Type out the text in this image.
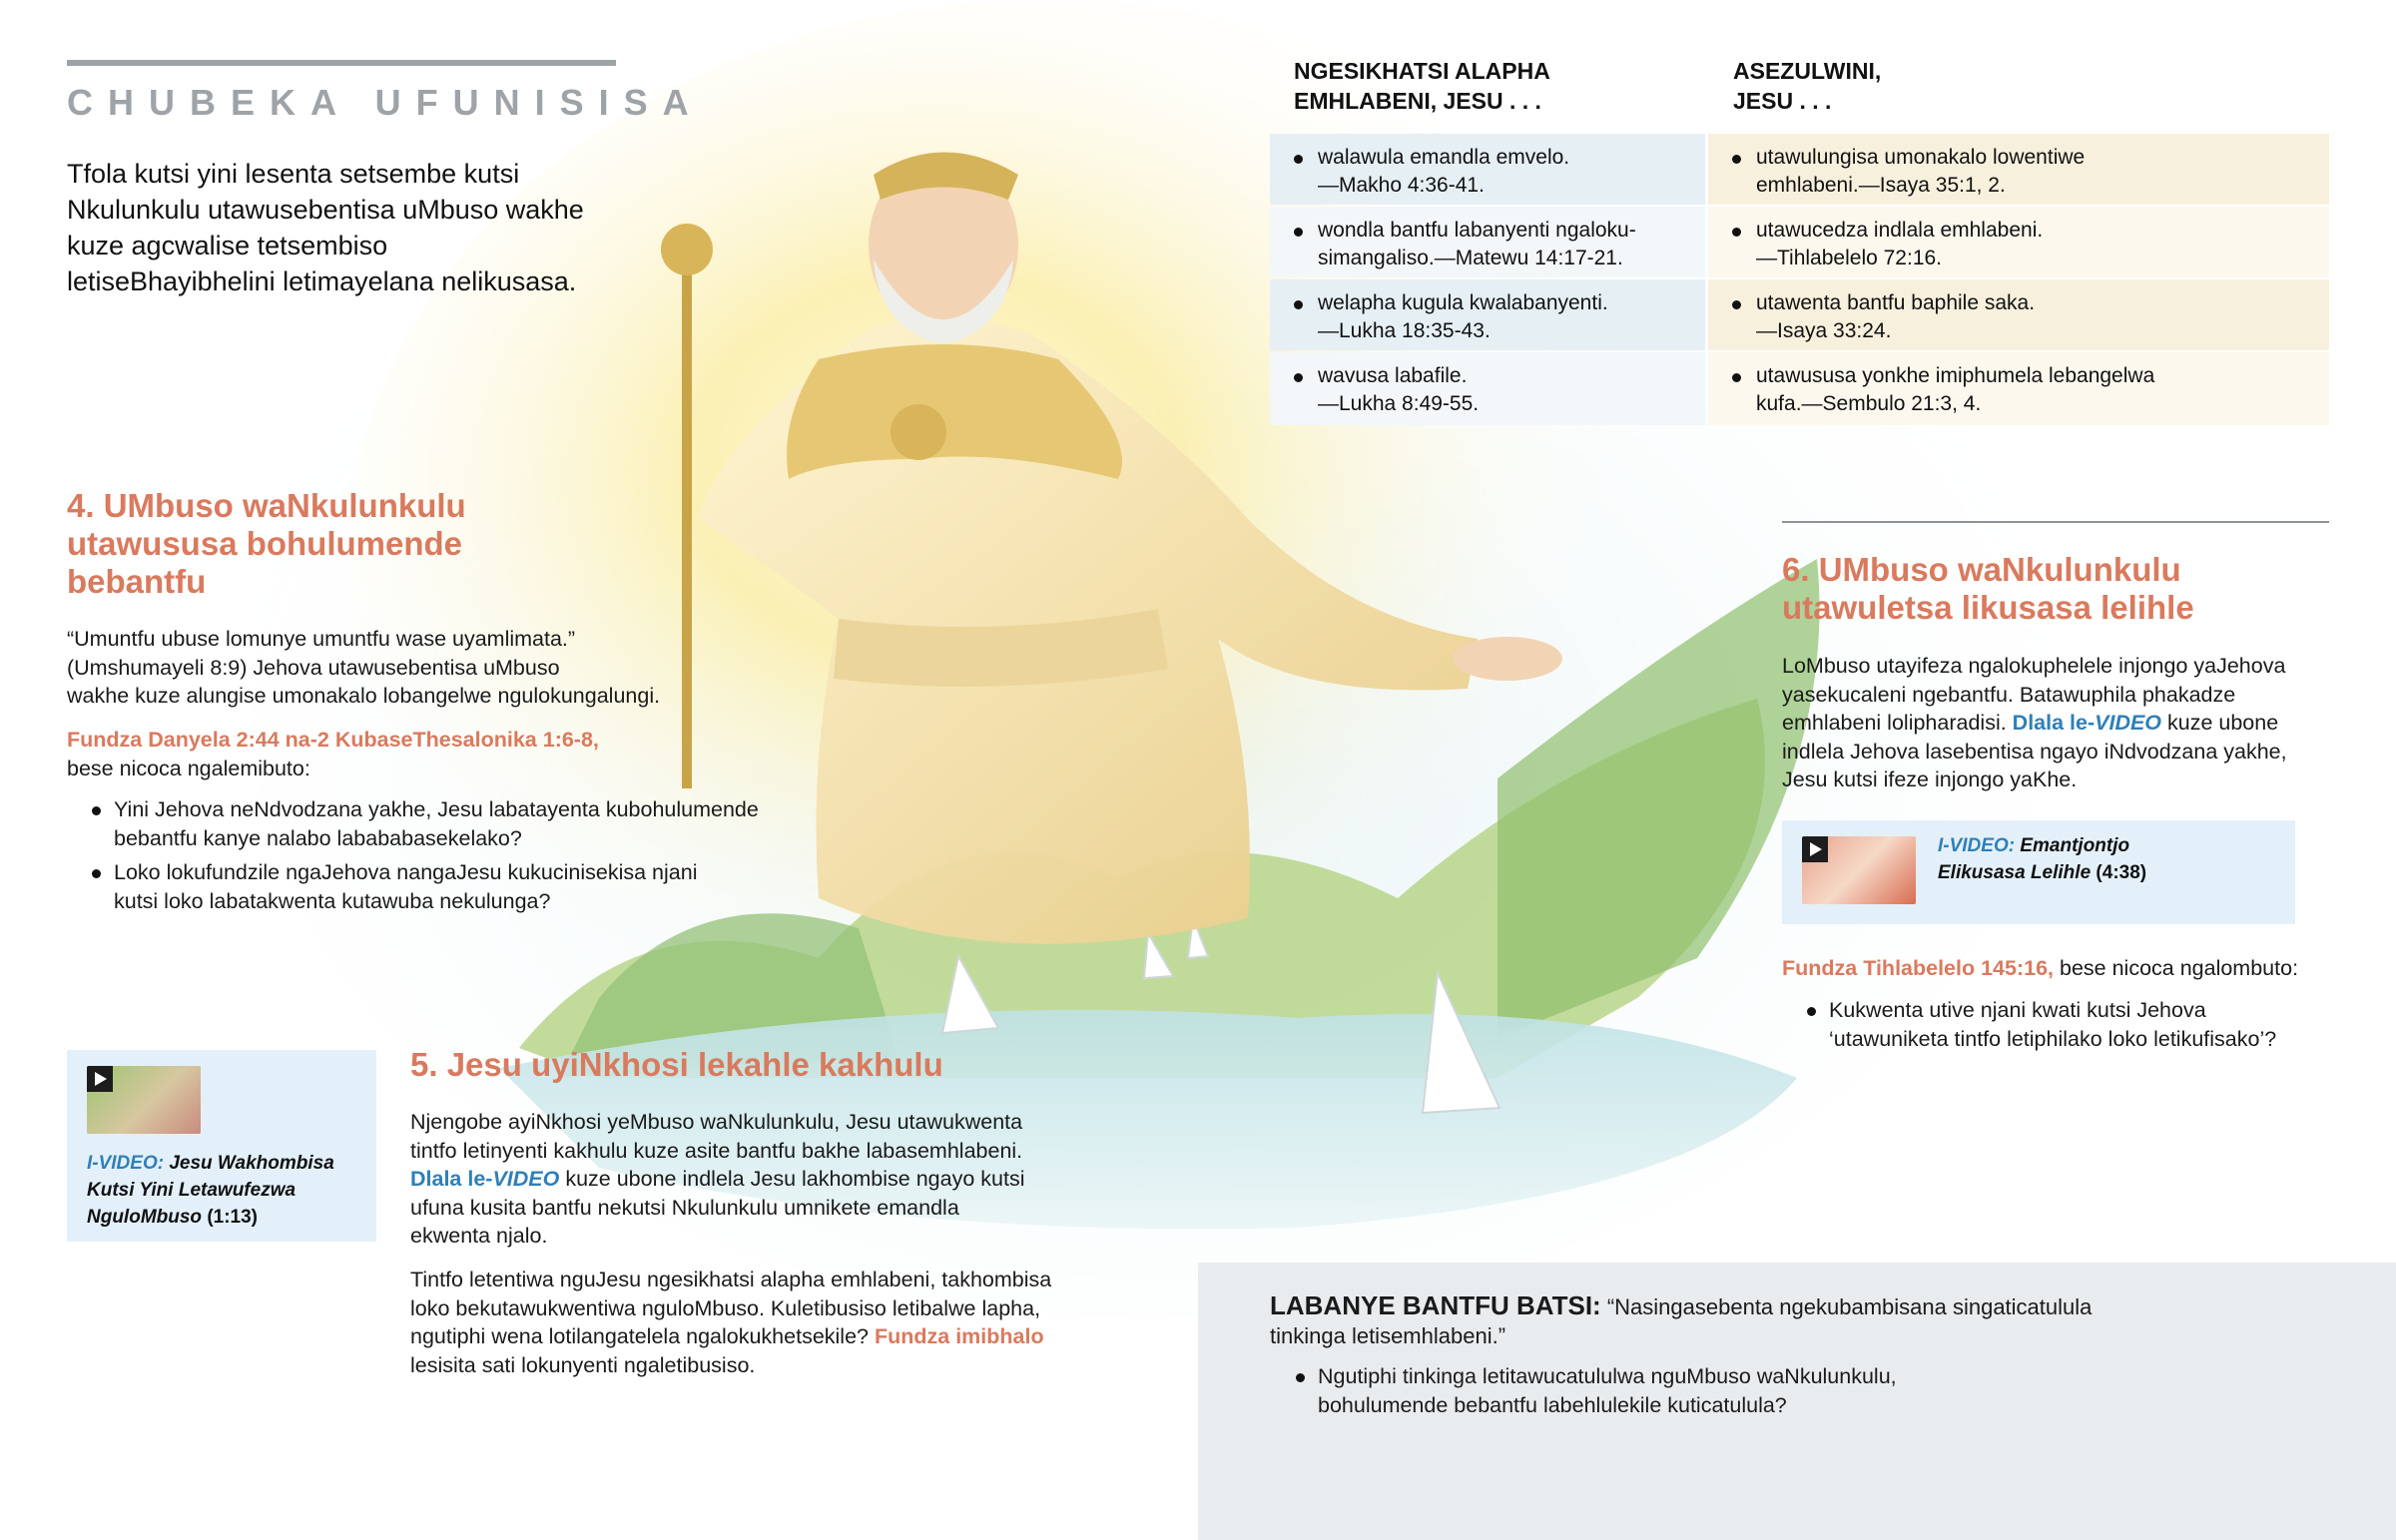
CHUBEKA UFUNISISA

Tfola kutsi yini lesenta setsembe kutsi Nkulunkulu utawusebentisa uMbuso wakhe kuze agcwalise tetsembiso letiseBhayibhelini letimayelana nelikusasa.

NGESIKHATSI ALAPHA
EMHLABENI, JESU . . .
ASEZULWINI,
JESU . . .
walawula emandla emvelo.
—Makho 4:36-41.
wondla bantfu labanyenti ngaloku-
simangaliso.—Matewu 14:17-21.
welapha kugula kwalabanyenti.
—Lukha 18:35-43.
wavusa labafile.
—Lukha 8:49-55.
utawulungisa umonakalo lowentiwe
emhlabeni.—Isaya 35:1, 2.
utawucedza indlala emhlabeni.
—Tihlabelelo 72:16.
utawenta bantfu baphile saka.
—Isaya 33:24.
utawususa yonkhe imiphumela lebangelwa
kufa.—Sembulo 21:3, 4.
4. UMbuso waNkulunkulu
utawususa bohulumende
bebantfu
“Umuntfu ubuse lomunye umuntfu wase uyamlimata.”
(Umshumayeli 8:9) Jehova utawusebentisa uMbuso
wakhe kuze alungise umonakalo lobangelwe ngulokungalungi.
Fundza Danyela 2:44 na-2 KubaseThesalonika 1:6-8,
bese nicoca ngalemibuto:
Yini Jehova neNdvodzana yakhe, Jesu labatayenta kubohulumende
bebantfu kanye nalabo labababasekelako?
Loko lokufundzile ngaJehova nangaJesu kukucinisekisa njani
kutsi loko labatakwenta kutawuba nekulunga?
I-VIDEO: Jesu Wakhombisa
Kutsi Yini Letawufezwa
NguloMbuso (1:13)
5. Jesu uyiNkhosi lekahle kakhulu
Njengobe ayiNkhosi yeMbuso waNkulunkulu, Jesu utawukwenta
tintfo letinyenti kakhulu kuze asite bantfu bakhe labasemhlabeni.
Dlala le-VIDEO kuze ubone indlela Jesu lakhombise ngayo kutsi
ufuna kusita bantfu nekutsi Nkulunkulu umnikete emandla
ekwenta njalo.
Tintfo letentiwa nguJesu ngesikhatsi alapha emhlabeni, takhombisa
loko bekutawukwentiwa nguloMbuso. Kuletibusiso letibalwe lapha,
ngutiphi wena lotilangatelela ngalokukhetsekile? Fundza imibhalo
lesisita sati lokunyenti ngaletibusiso.
6. UMbuso waNkulunkulu
utawuletsa likusasa lelihle
LoMbuso utayifeza ngalokuphelele injongo yaJehova
yasekucaleni ngebantfu. Batawuphila phakadze
emhlabeni lolipharadisi. Dlala le-VIDEO kuze ubone
indlela Jehova lasebentisa ngayo iNdvodzana yakhe,
Jesu kutsi ifeze injongo yaKhe.
I-VIDEO: Emantjontjo
Elikusasa Lelihle (4:38)
Fundza Tihlabelelo 145:16, bese nicoca ngalombuto:
Kukwenta utive njani kwati kutsi Jehova
‘utawuniketa tintfo letiphilako loko letikufisako’?
LABANYE BANTFU BATSI: “Nasingasebenta ngekubambisana singaticatulula
tinkinga letisemhlabeni.”
Ngutiphi tinkinga letitawucatululwa nguMbuso waNkulunkulu,
bohulumende bebantfu labehlulekile kuticatulula?
